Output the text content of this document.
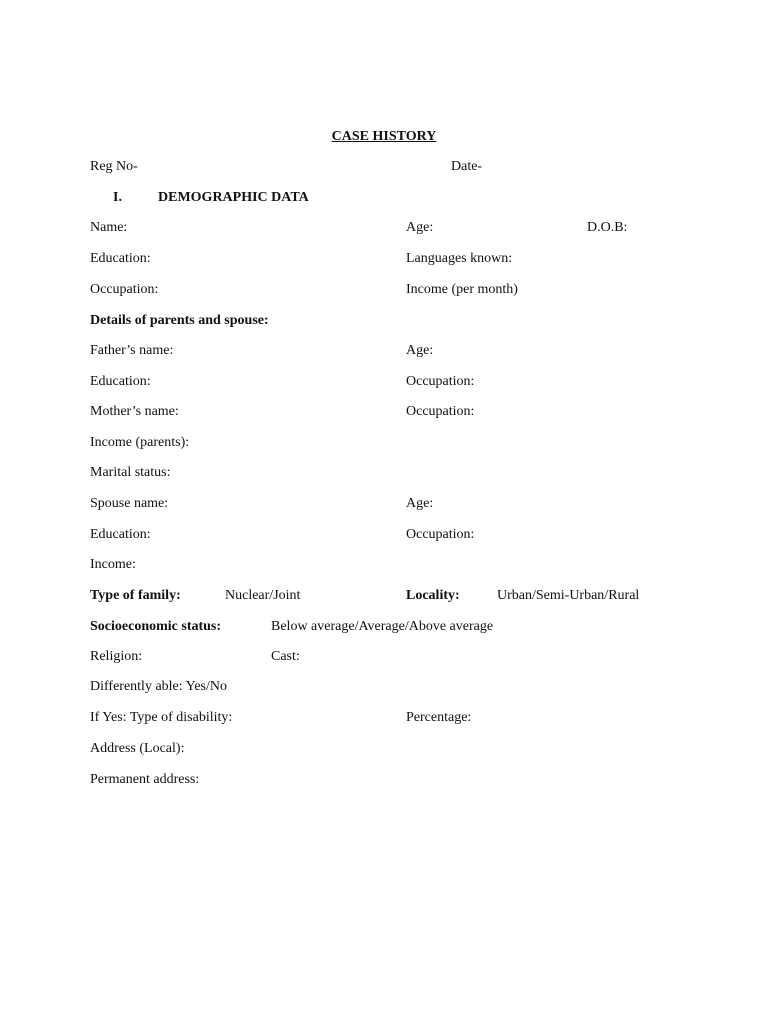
CASE HISTORY
Reg No-	Date-
I.	DEMOGRAPHIC DATA
Name:	Age:	D.O.B:
Education:	Languages known:
Occupation:	Income (per month)
Details of parents and spouse:
Father’s name:	Age:
Education:	Occupation:
Mother’s name:	Occupation:
Income (parents):
Marital status:
Spouse name:	Age:
Education:	Occupation:
Income:
Type of family:	Nuclear/Joint	Locality:	Urban/Semi-Urban/Rural
Socioeconomic status:	Below average/Average/Above average
Religion:	Cast:
Differently able: Yes/No
If Yes: Type of disability:	Percentage:
Address (Local):
Permanent address:
